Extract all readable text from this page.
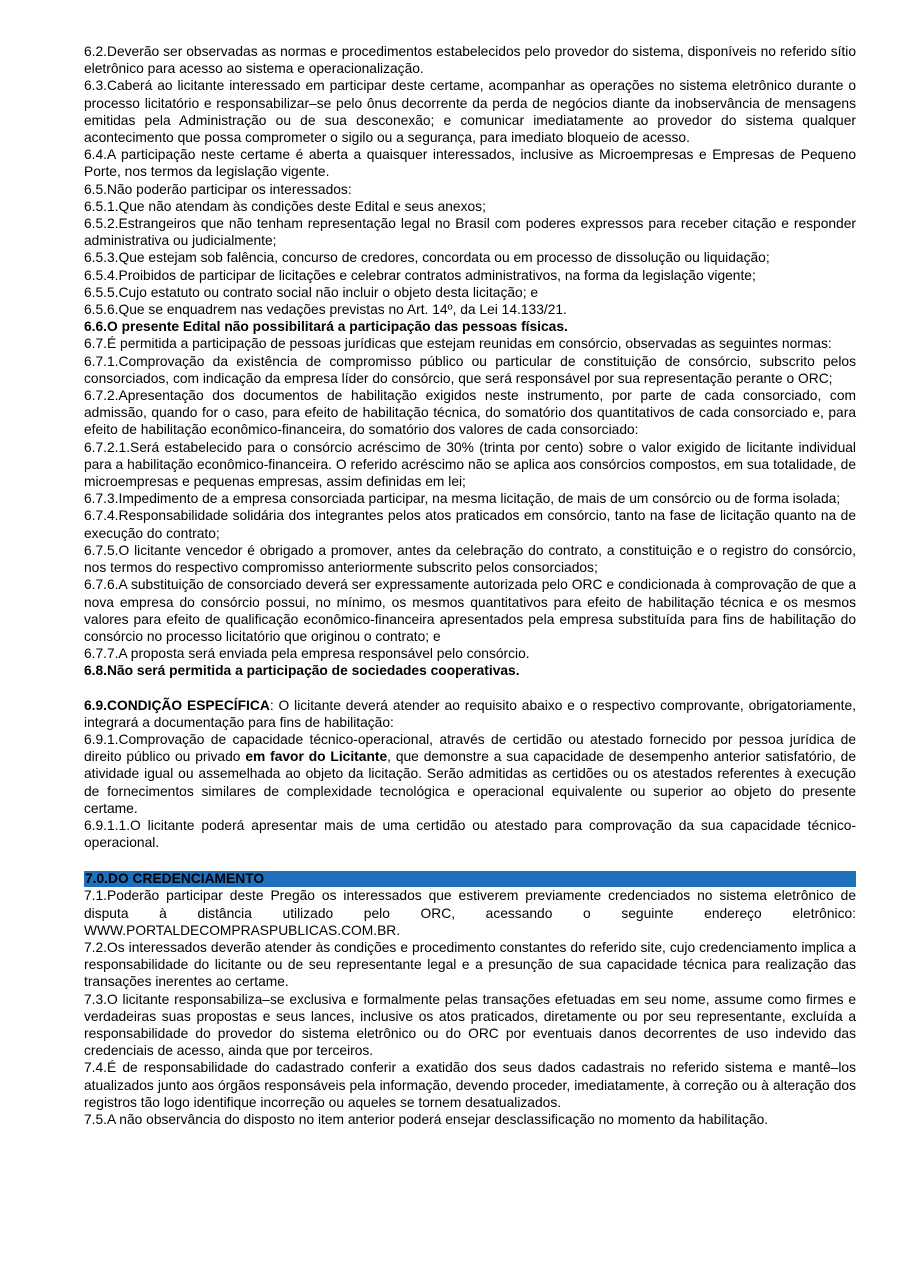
6.2.Deverão ser observadas as normas e procedimentos estabelecidos pelo provedor do sistema, disponíveis no referido sítio eletrônico para acesso ao sistema e operacionalização.

6.3.Caberá ao licitante interessado em participar deste certame, acompanhar as operações no sistema eletrônico durante o processo licitatório e responsabilizar–se pelo ônus decorrente da perda de negócios diante da inobservância de mensagens emitidas pela Administração ou de sua desconexão; e comunicar imediatamente ao provedor do sistema qualquer acontecimento que possa comprometer o sigilo ou a segurança, para imediato bloqueio de acesso.

6.4.A participação neste certame é aberta a quaisquer interessados, inclusive as Microempresas e Empresas de Pequeno Porte, nos termos da legislação vigente.

6.5.Não poderão participar os interessados:

6.5.1.Que não atendam às condições deste Edital e seus anexos;

6.5.2.Estrangeiros que não tenham representação legal no Brasil com poderes expressos para receber citação e responder administrativa ou judicialmente;

6.5.3.Que estejam sob falência, concurso de credores, concordata ou em processo de dissolução ou liquidação;

6.5.4.Proibidos de participar de licitações e celebrar contratos administrativos, na forma da legislação vigente;

6.5.5.Cujo estatuto ou contrato social não incluir o objeto desta licitação; e

6.5.6.Que se enquadrem nas vedações previstas no Art. 14º, da Lei 14.133/21.

6.6.O presente Edital não possibilitará a participação das pessoas físicas.

6.7.É permitida a participação de pessoas jurídicas que estejam reunidas em consórcio, observadas as seguintes normas:

6.7.1.Comprovação da existência de compromisso público ou particular de constituição de consórcio, subscrito pelos consorciados, com indicação da empresa líder do consórcio, que será responsável por sua representação perante o ORC;

6.7.2.Apresentação dos documentos de habilitação exigidos neste instrumento, por parte de cada consorciado, com admissão, quando for o caso, para efeito de habilitação técnica, do somatório dos quantitativos de cada consorciado e, para efeito de habilitação econômico-financeira, do somatório dos valores de cada consorciado:

6.7.2.1.Será estabelecido para o consórcio acréscimo de 30% (trinta por cento) sobre o valor exigido de licitante individual para a habilitação econômico-financeira. O referido acréscimo não se aplica aos consórcios compostos, em sua totalidade, de microempresas e pequenas empresas, assim definidas em lei;

6.7.3.Impedimento de a empresa consorciada participar, na mesma licitação, de mais de um consórcio ou de forma isolada;

6.7.4.Responsabilidade solidária dos integrantes pelos atos praticados em consórcio, tanto na fase de licitação quanto na de execução do contrato;

6.7.5.O licitante vencedor é obrigado a promover, antes da celebração do contrato, a constituição e o registro do consórcio, nos termos do respectivo compromisso anteriormente subscrito pelos consorciados;

6.7.6.A substituição de consorciado deverá ser expressamente autorizada pelo ORC e condicionada à comprovação de que a nova empresa do consórcio possui, no mínimo, os mesmos quantitativos para efeito de habilitação técnica e os mesmos valores para efeito de qualificação econômico-financeira apresentados pela empresa substituída para fins de habilitação do consórcio no processo licitatório que originou o contrato; e

6.7.7.A proposta será enviada pela empresa responsável pelo consórcio.

6.8.Não será permitida a participação de sociedades cooperativas.

6.9.CONDIÇÃO ESPECÍFICA: O licitante deverá atender ao requisito abaixo e o respectivo comprovante, obrigatoriamente, integrará a documentação para fins de habilitação:

6.9.1.Comprovação de capacidade técnico-operacional, através de certidão ou atestado fornecido por pessoa jurídica de direito público ou privado em favor do Licitante, que demonstre a sua capacidade de desempenho anterior satisfatório, de atividade igual ou assemelhada ao objeto da licitação. Serão admitidas as certidões ou os atestados referentes à execução de fornecimentos similares de complexidade tecnológica e operacional equivalente ou superior ao objeto do presente certame.

6.9.1.1.O licitante poderá apresentar mais de uma certidão ou atestado para comprovação da sua capacidade técnico-operacional.

7.0.DO CREDENCIAMENTO

7.1.Poderão participar deste Pregão os interessados que estiverem previamente credenciados no sistema eletrônico de disputa à distância utilizado pelo ORC, acessando o seguinte endereço eletrônico: WWW.PORTALDECOMPRASPUBLICAS.COM.BR.

7.2.Os interessados deverão atender às condições e procedimento constantes do referido site, cujo credenciamento implica a responsabilidade do licitante ou de seu representante legal e a presunção de sua capacidade técnica para realização das transações inerentes ao certame.

7.3.O licitante responsabiliza–se exclusiva e formalmente pelas transações efetuadas em seu nome, assume como firmes e verdadeiras suas propostas e seus lances, inclusive os atos praticados, diretamente ou por seu representante, excluída a responsabilidade do provedor do sistema eletrônico ou do ORC por eventuais danos decorrentes de uso indevido das credenciais de acesso, ainda que por terceiros.

7.4.É de responsabilidade do cadastrado conferir a exatidão dos seus dados cadastrais no referido sistema e mantê–los atualizados junto aos órgãos responsáveis pela informação, devendo proceder, imediatamente, à correção ou à alteração dos registros tão logo identifique incorreção ou aqueles se tornem desatualizados.

7.5.A não observância do disposto no item anterior poderá ensejar desclassificação no momento da habilitação.
